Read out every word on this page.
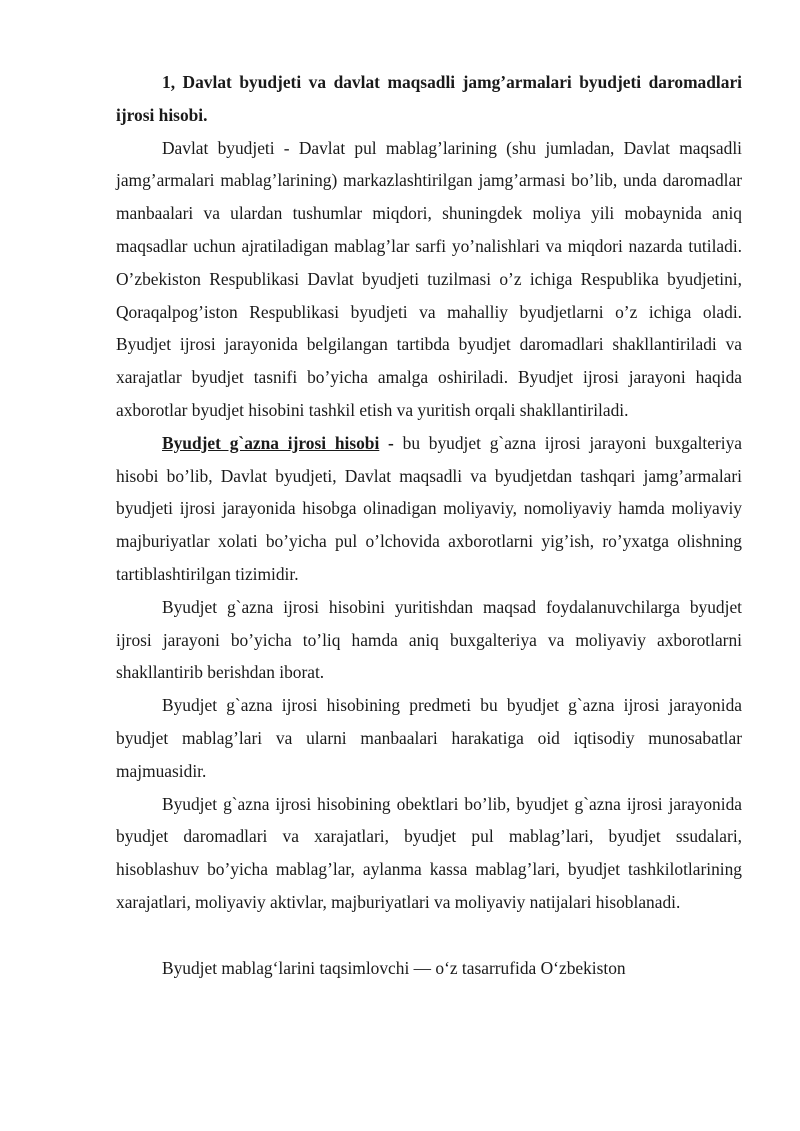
1, Davlat byudjeti va davlat maqsadli jamg’armalari byudjeti daromadlari ijrosi hisobi.

Davlat byudjeti - Davlat pul mablag’larining (shu jumladan, Davlat maqsadli jamg’armalari mablag’larining) markazlashtirilgan jamg’armasi bo’lib, unda daromadlar manbaalari va ulardan tushumlar miqdori, shuningdek moliya yili mobaynida aniq maqsadlar uchun ajratiladigan mablag’lar sarfi yo’nalishlari va miqdori nazarda tutiladi. O’zbekiston Respublikasi Davlat byudjeti tuzilmasi o’z ichiga Respublika byudjetini, Qoraqalpog’iston Respublikasi byudjeti va mahalliy byudjetlarni o’z ichiga oladi. Byudjet ijrosi jarayonida belgilangan tartibda byudjet daromadlari shakllantiriladi va xarajatlar byudjet tasnifi bo’yicha amalga oshiriladi. Byudjet ijrosi jarayoni haqida axborotlar byudjet hisobini tashkil etish va yuritish orqali shakllantiriladi.

Byudjet g`azna ijrosi hisobi - bu byudjet g`azna ijrosi jarayoni buxgalteriya hisobi bo’lib, Davlat byudjeti, Davlat maqsadli va byudjetdan tashqari jamg’armalari byudjeti ijrosi jarayonida hisobga olinadigan moliyaviy, nomoliyaviy hamda moliyaviy majburiyatlar xolati bo’yicha pul o’lchovida axborotlarni yig’ish, ro’yxatga olishning tartiblashtirilgan tizimidir.

Byudjet g`azna ijrosi hisobini yuritishdan maqsad foydalanuvchilarga byudjet ijrosi jarayoni bo’yicha to’liq hamda aniq buxgalteriya va moliyaviy axborotlarni shakllantirib berishdan iborat.

Byudjet g`azna ijrosi hisobining predmeti bu byudjet g`azna ijrosi jarayonida byudjet mablag’lari va ularni manbaalari harakatiga oid iqtisodiy munosabatlar majmuasidir.

Byudjet g`azna ijrosi hisobining obektlari bo’lib, byudjet g`azna ijrosi jarayonida byudjet daromadlari va xarajatlari, byudjet pul mablag’lari, byudjet ssudalari, hisoblashuv bo’yicha mablag’lar, aylanma kassa mablag’lari, byudjet tashkilotlarining xarajatlari, moliyaviy aktivlar, majburiyatlari va moliyaviy natijalari hisoblanadi.

Byudjet mablag‘larini taqsimlovchi — o‘z tasarrufida O‘zbekiston
